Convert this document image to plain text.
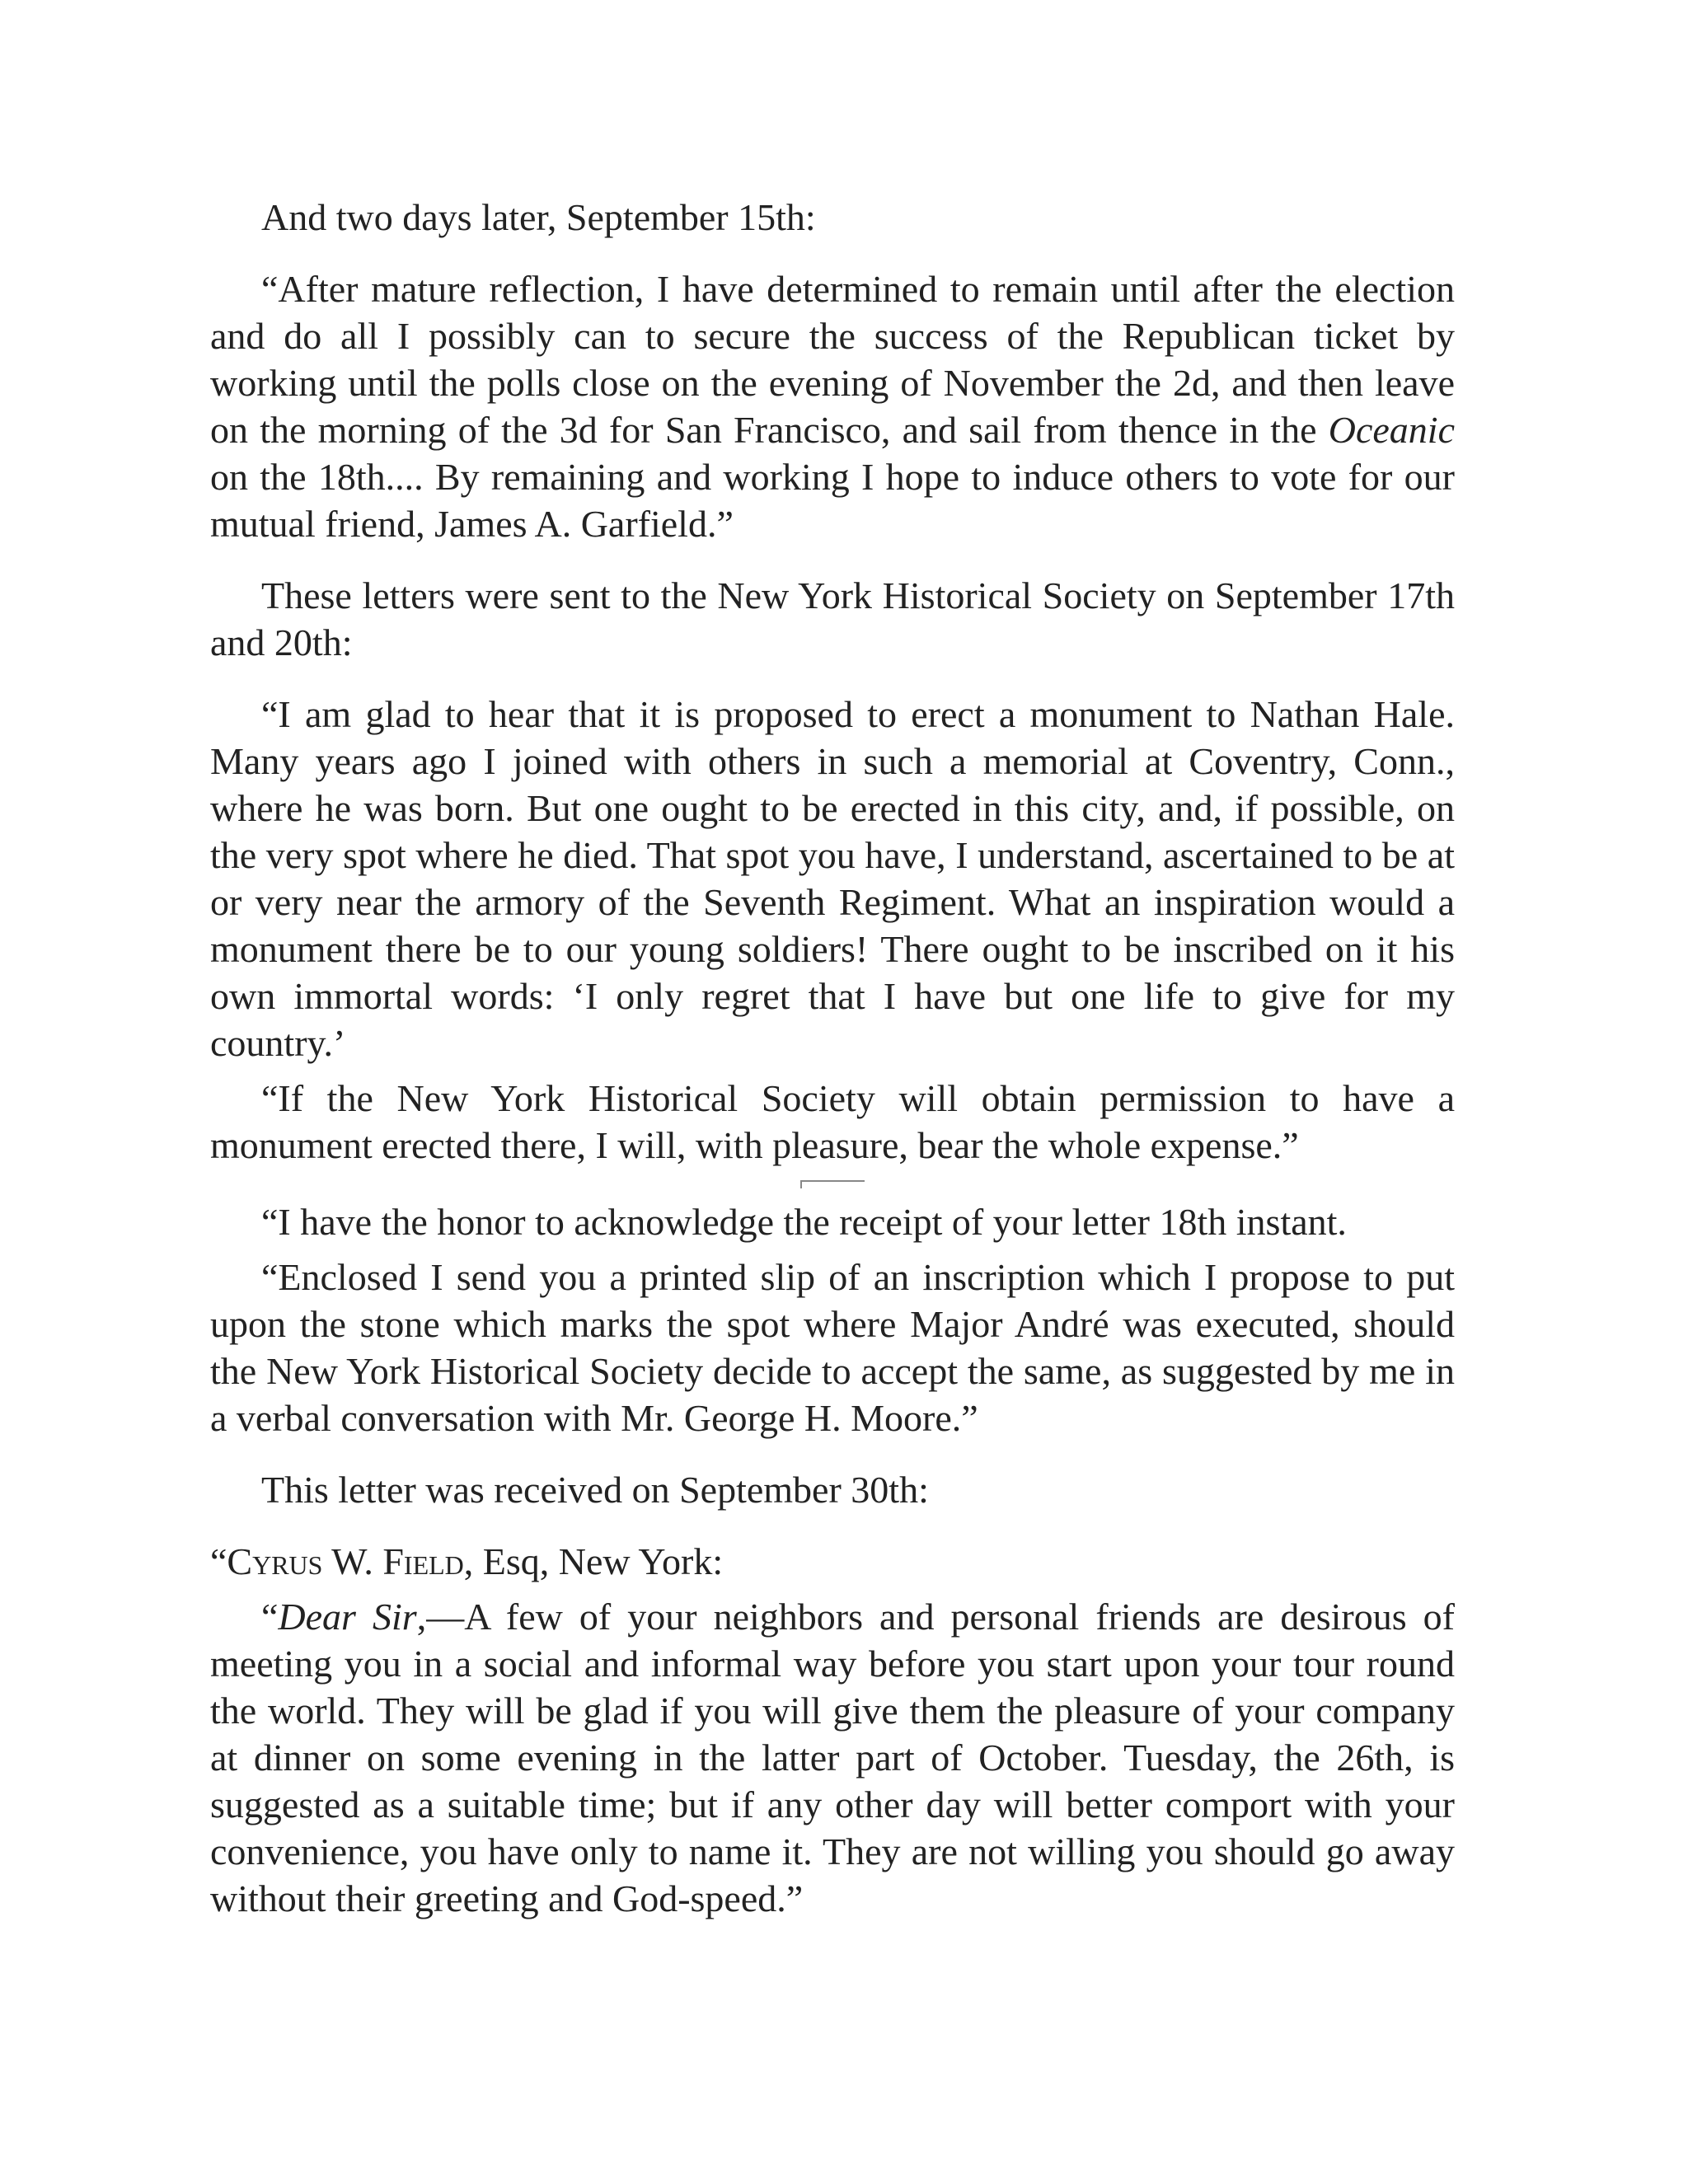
And two days later, September 15th:

“After mature reflection, I have determined to remain until after the election and do all I possibly can to secure the success of the Republican ticket by working until the polls close on the evening of November the 2d, and then leave on the morning of the 3d for San Francisco, and sail from thence in the Oceanic on the 18th.... By remaining and working I hope to induce others to vote for our mutual friend, James A. Garfield.”

These letters were sent to the New York Historical Society on September 17th and 20th:

“I am glad to hear that it is proposed to erect a monument to Nathan Hale. Many years ago I joined with others in such a memorial at Coventry, Conn., where he was born. But one ought to be erected in this city, and, if possible, on the very spot where he died. That spot you have, I understand, ascertained to be at or very near the armory of the Seventh Regiment. What an inspiration would a monument there be to our young soldiers! There ought to be inscribed on it his own immortal words: ‘I only regret that I have but one life to give for my country.’

“If the New York Historical Society will obtain permission to have a monument erected there, I will, with pleasure, bear the whole expense.”

“I have the honor to acknowledge the receipt of your letter 18th instant.

“Enclosed I send you a printed slip of an inscription which I propose to put upon the stone which marks the spot where Major André was executed, should the New York Historical Society decide to accept the same, as suggested by me in a verbal conversation with Mr. George H. Moore.”

This letter was received on September 30th:

“Cyrus W. Field, Esq, New York:

“Dear Sir,—A few of your neighbors and personal friends are desirous of meeting you in a social and informal way before you start upon your tour round the world. They will be glad if you will give them the pleasure of your company at dinner on some evening in the latter part of October. Tuesday, the 26th, is suggested as a suitable time; but if any other day will better comport with your convenience, you have only to name it. They are not willing you should go away without their greeting and God-speed.”
